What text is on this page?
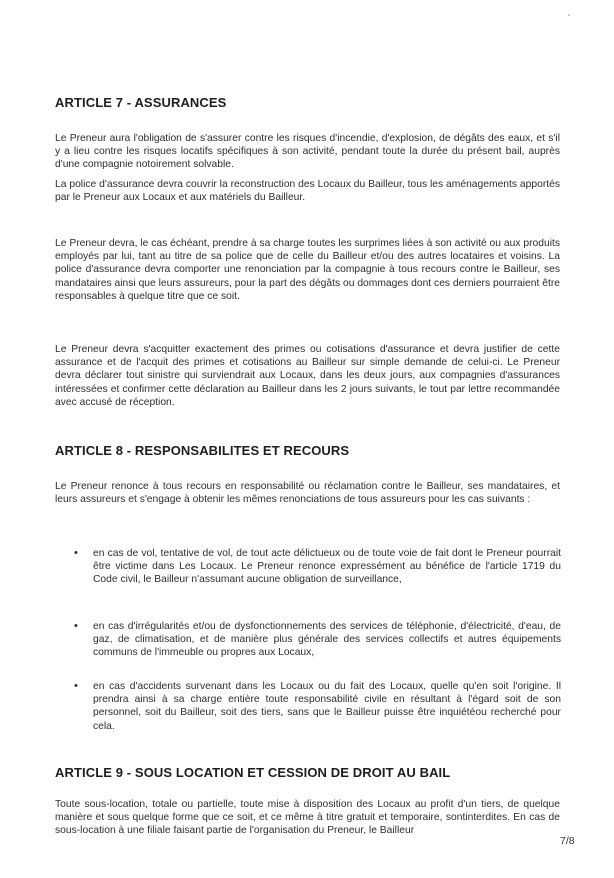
ARTICLE 7 - ASSURANCES
Le Preneur aura l'obligation de s'assurer contre les risques d'incendie, d'explosion, de dégâts des eaux, et s'il y a lieu contre les risques locatifs spécifiques à son activité, pendant toute la durée du présent bail, auprès d'une compagnie notoirement solvable.
La police d'assurance devra couvrir la reconstruction des Locaux du Bailleur, tous les aménagements apportés par le Preneur aux Locaux et aux matériels du Bailleur.
Le Preneur devra, le cas échéant, prendre à sa charge toutes les surprimes liées à son activité ou aux produits employés par lui, tant au titre de sa police que de celle du Bailleur et/ou des autres locataires et voisins. La police d'assurance devra comporter une renonciation par la compagnie à tous recours contre le Bailleur, ses mandataires ainsi que leurs assureurs, pour la part des dégâts ou dommages dont ces derniers pourraient être responsables à quelque titre que ce soit.
Le Preneur devra s'acquitter exactement des primes ou cotisations d'assurance et devra justifier de cette assurance et de l'acquit des primes et cotisations au Bailleur sur simple demande de celui-ci. Le Preneur devra déclarer tout sinistre qui surviendrait aux Locaux, dans les deux jours, aux compagnies d'assurances intéressées et confirmer cette déclaration au Bailleur dans les 2 jours suivants, le tout par lettre recommandée avec accusé de réception.
ARTICLE 8 - RESPONSABILITES ET RECOURS
Le Preneur renonce à tous recours en responsabilité ou réclamation contre le Bailleur, ses mandataires, et leurs assureurs et s'engage à obtenir les mêmes renonciations de tous assureurs pour les cas suivants :
• en cas de vol, tentative de vol, de tout acte délictueux ou de toute voie de fait dont le Preneur pourrait être victime dans Les Locaux. Le Preneur renonce expressément au bénéfice de l'article 1719 du Code civil, le Bailleur n'assumant aucune obligation de surveillance,
• en cas d'irrégularités et/ou de dysfonctionnements des services de téléphonie, d'électricité, d'eau, de gaz, de climatisation, et de manière plus générale des services collectifs et autres équipements communs de l'immeuble ou propres aux Locaux,
• en cas d'accidents survenant dans les Locaux ou du fait des Locaux, quelle qu'en soit l'origine. Il prendra ainsi à sa charge entière toute responsabilité civile en résultant à l'égard soit de son personnel, soit du Bailleur, soit des tiers, sans que le Bailleur puisse être inquiétéou recherché pour cela.
ARTICLE 9 - SOUS LOCATION ET CESSION DE DROIT AU BAIL
Toute sous-location, totale ou partielle, toute mise à disposition des Locaux au profit d'un tiers, de quelque manière et sous quelque forme que ce soit, et ce même à titre gratuit et temporaire, sontinterdites. En cas de sous-location à une filiale faisant partie de l'organisation du Preneur, le Bailleur
7/8
